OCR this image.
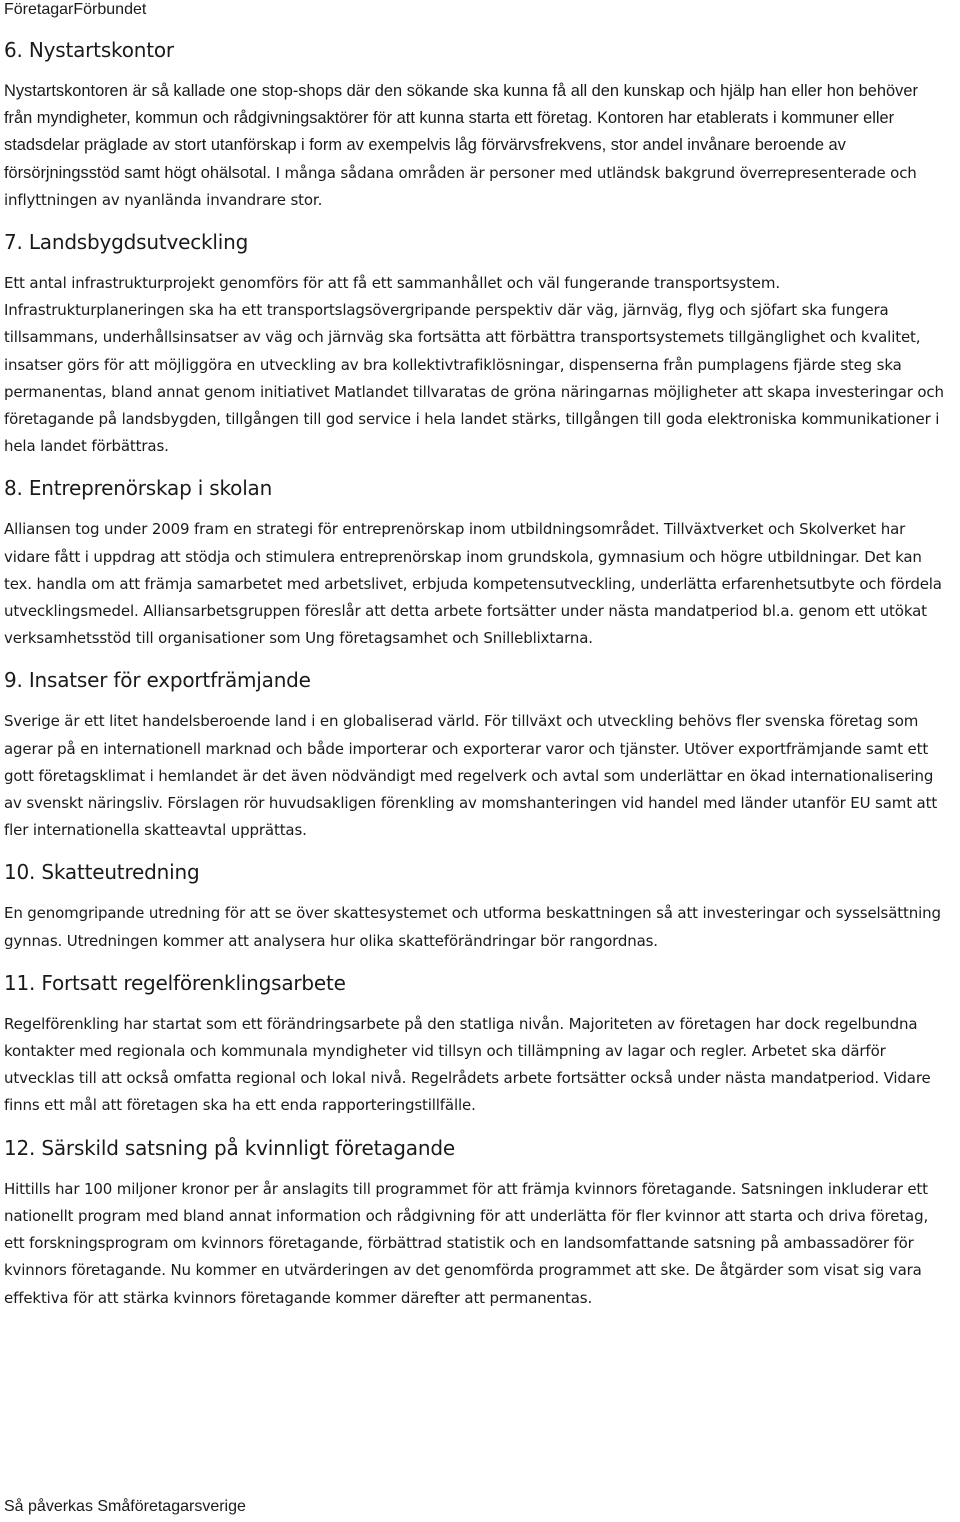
FöretagarFörbundet
6. Nystartskontor

Nystartskontoren är så kallade one stop-shops där den sökande ska kunna få all den kunskap och hjälp han eller hon behöver från myndigheter, kommun och rådgivningsaktörer för att kunna starta ett företag. Kontoren har etablerats i kommuner eller stadsdelar präglade av stort utanförskap i form av exempelvis låg förvärvsfrekvens, stor andel invånare beroende av försörjningsstöd samt högt ohälsotal. I många sådana områden är personer med utländsk bakgrund överrepresenterade och inflyttningen av nyanlända invandrare stor.

7. Landsbygdsutveckling

Ett antal infrastrukturprojekt genomförs för att få ett sammanhållet och väl fungerande transportsystem. Infrastrukturplaneringen ska ha ett transportslagsövergripande perspektiv där väg, järnväg, flyg och sjöfart ska fungera tillsammans, underhållsinsatser av väg och järnväg ska fortsätta att förbättra transportsystemets tillgänglighet och kvalitet, insatser görs för att möjliggöra en utveckling av bra kollektivtrafiklösningar, dispenserna från pumplagens fjärde steg ska permanentas, bland annat genom initiativet Matlandet tillvaratas de gröna näringarnas möjligheter att skapa investeringar och företagande på landsbygden, tillgången till god service i hela landet stärks, tillgången till goda elektroniska kommunikationer i hela landet förbättras.

8. Entreprenörskap i skolan

Alliansen tog under 2009 fram en strategi för entreprenörskap inom utbildningsområdet. Tillväxtverket och Skolverket har vidare fått i uppdrag att stödja och stimulera entreprenörskap inom grundskola, gymnasium och högre utbildningar. Det kan tex. handla om att främja samarbetet med arbetslivet, erbjuda kompetensutveckling, underlätta erfarenhetsutbyte och fördela utvecklingsmedel. Alliansarbetsgruppen föreslår att detta arbete fortsätter under nästa mandatperiod bl.a. genom ett utökat verksamhetsstöd till organisationer som Ung företagsamhet och Snilleblixtarna.

9. Insatser för exportfrämjande

Sverige är ett litet handelsberoende land i en globaliserad värld. För tillväxt och utveckling behövs fler svenska företag som agerar på en internationell marknad och både importerar och exporterar varor och tjänster. Utöver exportfrämjande samt ett gott företagsklimat i hemlandet är det även nödvändigt med regelverk och avtal som underlättar en ökad internationalisering av svenskt näringsliv. Förslagen rör huvudsakligen förenkling av momshanteringen vid handel med länder utanför EU samt att fler internationella skatteavtal upprättas.

10. Skatteutredning

En genomgripande utredning för att se över skattesystemet och utforma beskattningen så att investeringar och sysselsättning gynnas. Utredningen kommer att analysera hur olika skatteförändringar bör rangordnas.

11. Fortsatt regelförenklingsarbete

Regelförenkling har startat som ett förändringsarbete på den statliga nivån. Majoriteten av företagen har dock regelbundna kontakter med regionala och kommunala myndigheter vid tillsyn och tillämpning av lagar och regler. Arbetet ska därför utvecklas till att också omfatta regional och lokal nivå. Regelrådets arbete fortsätter också under nästa mandatperiod. Vidare finns ett mål att företagen ska ha ett enda rapporteringstillfälle.

12. Särskild satsning på kvinnligt företagande

Hittills har 100 miljoner kronor per år anslagits till programmet för att främja kvinnors företagande. Satsningen inkluderar ett nationellt program med bland annat information och rådgivning för att underlätta för fler kvinnor att starta och driva företag, ett forskningsprogram om kvinnors företagande, förbättrad statistik och en landsomfattande satsning på ambassadörer för kvinnors företagande. Nu kommer en utvärderingen av det genomförda programmet att ske. De åtgärder som visat sig vara effektiva för att stärka kvinnors företagande kommer därefter att permanentas.

Så påverkas Småföretagarsverige
